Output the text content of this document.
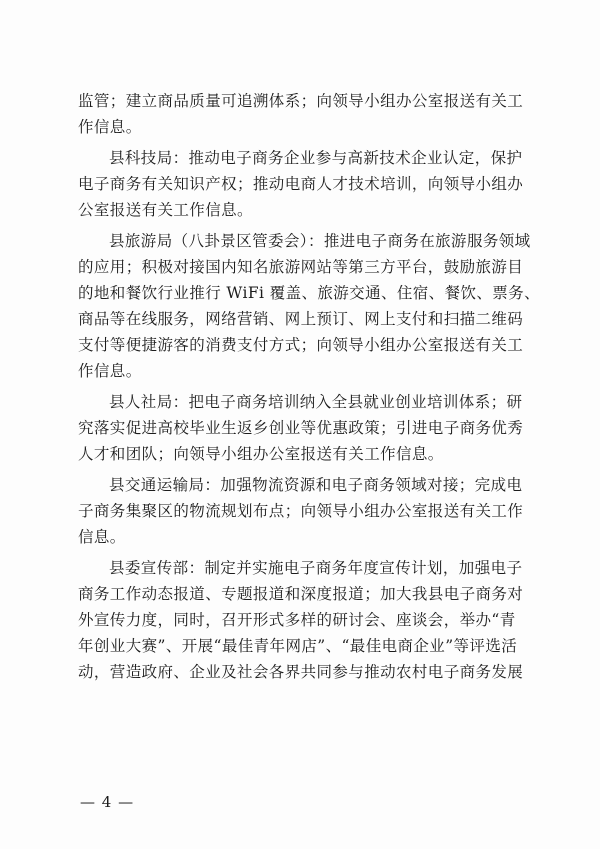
监管；建立商品质量可追溯体系；向领导小组办公室报送有关工
作信息。
县科技局：推动电子商务企业参与高新技术企业认定，保护
电子商务有关知识产权；推动电商人才技术培训，向领导小组办
公室报送有关工作信息。
县旅游局（八卦景区管委会）：推进电子商务在旅游服务领域
的应用；积极对接国内知名旅游网站等第三方平台，鼓励旅游目
的地和餐饮行业推行 WiFi 覆盖、旅游交通、住宿、餐饮、票务、
商品等在线服务，网络营销、网上预订、网上支付和扫描二维码
支付等便捷游客的消费支付方式；向领导小组办公室报送有关工
作信息。
县人社局：把电子商务培训纳入全县就业创业培训体系；研
究落实促进高校毕业生返乡创业等优惠政策；引进电子商务优秀
人才和团队；向领导小组办公室报送有关工作信息。
县交通运输局：加强物流资源和电子商务领域对接；完成电
子商务集聚区的物流规划布点；向领导小组办公室报送有关工作
信息。
县委宣传部：制定并实施电子商务年度宣传计划，加强电子
商务工作动态报道、专题报道和深度报道；加大我县电子商务对
外宣传力度，同时，召开形式多样的研讨会、座谈会，举办“青
年创业大赛”、开展“最佳青年网店”、“最佳电商企业”等评选活
动，营造政府、企业及社会各界共同参与推动农村电子商务发展
— 4 —
